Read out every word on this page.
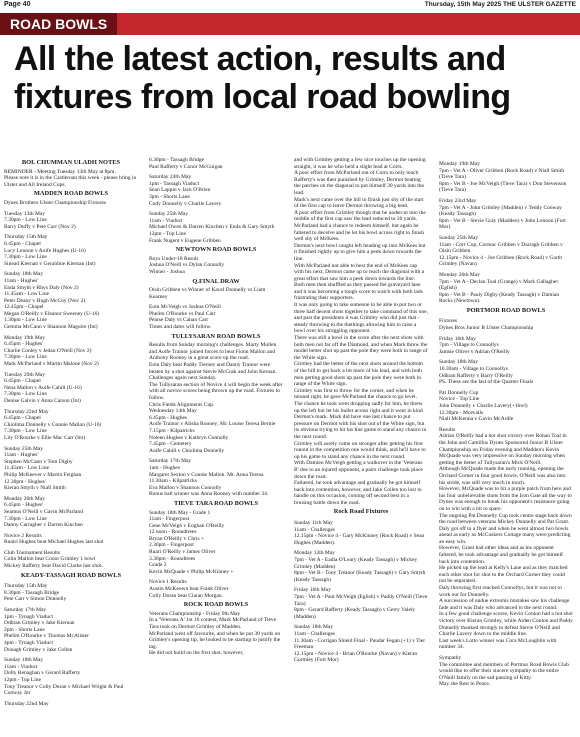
Page 40	Thursday, 15th May 2025 THE ULSTER GAZETTE
ROAD BOWLS
All the latest action, results and fixtures from local road bowling
BOL CHUMMAN ULADH NOTES

REMINDER - Meeting Tuesday 13th May at 8pm.

Please note it is in the Castleroan this week - please bring in Ulster and All Ireland Cups.

MADDEN ROAD BOWLS

Dynes Brothers Ulster Championship Fixtures

Tuesday 13th May

7.30pm - Low Line

Barry Duffy v Pete Carr (Nov 2)

Thursday 15th May

6.45pm - Chapel

Lucy Lennon v Aoife Hughes (U-16)

7.30pm - Low Line

Sinead Kiernan v Geraldine Kiernan (Int)

Sunday 18th May

11am - Hughes'

Enda Smyth v Rhys Daly (Nov 2)

11.45am - Low Line

Peter Deany v Hugh McCoy (Nov 2)

12.45pm - Chapel

Megan O'Reilly v Eleanor Sweeney (U-16)

1.30pm - Low Line

Gemma McCann v Shannon Maguire (Int)

Monday 19th May

6.45pm - Hughes'

Charlie Conley v Jedan O'Neill (Nov 2)

7.30pm - Low Line

Mark McParland v Martin Malone (Nov 2)

Tuesday 20th May

6.45pm - Chapel

Nena Mallon v Aoife Cahill (U-16)

7.30pm - Low Line

Denise Galvin v Anna Carson (Int)

Thursday 22nd May

6.45pm - Chapel

Chiolima Donnelly v Connie Mallon (U-16)

7.30pm - Low Line

Lily O'Rourke v Ellie Mac Carr (Int)

Sunday 25th May

11am - Hughes'

Stephen McCann v Tom Digby

11.45am - Low Line

Philip McKeever v Martin Feighan

12.30pm - Hughes'

Kieran Smyth v Niall Smith

Monday 26th May

6.45pm - Hughes'

Seamus O'Neill v Gavin McParland

7.30pm - Low Line

Danny Carragher v Darren Kinchen

Novice 2 Results

Ruairi Hughes beat Michael Hughes last shot

Club Tournament Results

Colin Mallon beat Conor Grimley 1 bowl

Mickey Rafferty beat David Clarke last shot.

KEADY-TASSAGH ROAD BOWLS

Thursday 15th May

8.30pm - Tassagh Bridge

Pete Carr v Simon Donnelly

Saturday 17th May

1pm - Tynagh Viaduct

Odhran Grimley v Jake Kiernan

2pm - Shorts Lane

Phelim O'Rourke v Thomas McAlister

4pm - Tynagh Viaduct

Donagh Grimley v Jake Collen

Sunday 18th May

11am - Viaduct

Dolly Renaghan v Gerard Rafferty

12pm - Top Line

Tony Treanor v Colly Doran v Michael Wright & Paul Conway Jnr

Thursday 22nd May

6.30pm - Tassagh Bridge

Paul Rafferty v Conor McGuigan

Saturday 24th May

1pm - Tassagh Viaduct

Sean Lappin v Jack O'Brien

3pm - Shorts Lane

Cody Donnelly v Charlie Lavery

Sunday 25th May

11am - Viaduct

Michael Owen & Darren Kinchen v Enda & Gary Smyth

12pm - Top Line

Frank Nugent v Eugene Gribben

NEWTOWN ROAD BOWLS

Boys Under-18 Result

Joshua O'Neill vs Dylan Connolly

Winner - Joshua

Q.FINAL DRAW

Oisin Gribben vs Winner of Kacel Donnelly vs Liam Kearney

Eoin McVeigh vs Joshua O'Neill

Phelim O'Rourke vs Paul Carr

Pearse Daly vs Cahan Carr

Times and dates will follow.

TULLYSARAN ROAD BOWLS

Results from Sunday morning's challenges. Marty Mullen and Aoife Trainor joined forces to beat Fionn Mallon and Anthony Rooney in a great score up the road.

Eoin Daly beat Paddy Tierney and Danny Trainor were beaten by a shot against Stevie McCusk and John Kernan.

Challenges again next Sunday.

The Tullysaran section of Novice 4 will begin the week after with all novice scores being thrown up the road. Fixtures to follow.

Chris Fields Alignments Cup

Wednesday 14th May

6.45pm - Hughes

Aoife Trainor v Alisha Rooney; Mc Louise Teresa Bernie

7.15pm - Kilpatricks

Noleen Hughes v Kathryn Connolly

7.45pm - Cemetery

Aoife Cahill v Chiolima Donnelly

Saturday 17th May

1am - Hughes

Margaret Sexton v Connie Mallon. Mt. Anna Teresa

11.30am - Kilpatricks

Eva Mallon v Shannon Connolly

Bonus ball winner was Anna Rooney with number 34.

TIEVE TARA ROAD BOWLS

Sunday 18th May - Grade 1

11am - Fingerpost

Gene McVeigh v Eoghan O'Reilly

12 noon - Roundtrees

Bryan O'Reilly v Chris +

2.30pm - Fingerpost

Ruari O'Reilly v James Oliver

3.30pm - Roundtrees

Grade 2

Kevin McQuade v Philip McKinney +

Novice 1 Results

Austin McKeown beat Frank Oliver

Colly Doran beat Ciaran Morgan.

ROCK ROAD BOWLS

Veterans Championship - Friday 9th May

In a 'Veterans A' 1st 16 contest, Mark McParland of Tieve Tara took on Dermot Grimley of Madden.

McParland went off favourite, and when he put 30 yards on Grimley's opening tip, he looked to be starting to justify the tag.

He did not build on the first shot, however,

and with Grimley getting a few nice touches up the opening straight, it was he who held a slight lead at Corrs.

A poor effort from McParland out of Corrs to only reach Rafferty's was then punished by Grimley, Dermot beating the patches on the diagonal to put himself 30 yards into the lead.

Mark's next came over the hill to finish just shy of the start of the first cap to leave Dermot throwing a big lead.

A poor effort from Grimley though that he undercut into the middle of the first cap saw the lead reduced to 20 yards.

McParland had a chance to redeem himself, but again he faltered to deceive and he let his bowl across right to finish well shy of McKees.

Dermot's next bowl caught left heading up into McKees but it finished rightly up to give him a peek down towards the line.

With McParland not able to best the end of McKees cap with his next, Dermot came up to reach the diagonal with a great effort that saw him a peek down towards the line.

Both men then shuffled as they passed the graveyard lane and it was becoming a tough score to watch with both lads frustrating their supporters.

It was only going to take someone to be able to put two or three half decent shots together to take command of this one, and past the presidents it was Grimley who did just that - steady throwing to the thethings allowing him to raise a bowl over his struggling opponent.

There was still a bowl in the score after the next shots with both men not far off the Diamond, and when Mark threw the model better shot up past the pole they were both in range of the White sign.

Grimley had the better of the next shots around the bottom of the hill to get back a bit more of his lead, and with both men getting good shots up past the pole they were both in range of the White sign.

Grimley was first to throw for the corner, and when he missed right, he gave McParland the chance to go level.

The chance he took went dropping sadly for him, he threw up the left but let his bullet across right and it went in kind Dermot's mark. Mark did have one last chance to put pressure on Dermot with his shot out of the White sign, but its obvious trying to hit his line game to stand any chance in the next round.

Grimley will surely come on stronger after getting his first runout in the competition one would think, and he'll have to up his game to stand any chance in the next round.

With Damien McVeigh getting a walkover in the 'Veterans B' due to an injured opponent, a pairs challenge took place down the road.

Fathered, he took advantage and gradually he got himself back into contention, however, and Jake Collen too lost to handle on this occasion, coming off second best in a bruising battle down the road.

Rock Road Fixtures

Sunday 11th May

11am - Challenges

12.15pm - Novice 4 - Gary McKinney (Rock Road) v Sean Hughes (Madden).

Monday 12th May

7pm - Vet A - Eadia O'Leary (Keady Tassagh) v Mickey Grimley (Madden)

8pm - Vet B - Tony Treanor (Keady Tassagh) v Gary Smyth (Keady Tassagh)

Friday 16th May

7pm - Vet A - Paul McVeigh (Eglish) v Paddy O'Neill (Tieve Tara)

8pm - Gerard Rafferty (Keady Tassagh) v Gerry Valely (Madden)

Sunday 18th May

11am - Challenges

11.30am - Corrigan Shield Final - Paudar Fegan (+1) v Tier Freeman

12.15pm - Novice 4 - Brian O'Rourke (Navan) v Kieran Gormley (Fort Mor)

Monday 19th May

7pm - Vet A - Oliver Gribben (Rock Road) v Niall Smith (Tieve Tara)

8pm - Vet B - Joe McVeigh (Tieve Tara) v Don Stevenson (Tieve Tara)

Friday 23rd May

7pm - Vet A - John Grimley (Madden) v Teddy Conway (Keady Tassagh)

8pm - Vet B - Stevie Gray (Madden) v John Lennon (Fort Mor)

Sunday 25th May

11am - Corr Cup, Cormac Gribben v Darragh Gribben v Oisin Gribben

12.15pm - Novice 4 - Joe Gribben (Rock Road) v Garth Grimley (Navan)

Monday 26th May

7pm - Vet A - Declan Toal (Grange) v Mark Gallagher (Eglish)

8pm - Vet B - Pauly Digby (Keady Tassagh) v Damian Rocks (Newtown).

PORTMOR ROAD BOWLS

Fixtures

Dynes Bros Junior B Ulster Championship

Friday 16th May

7pm - Village to Connollys

Jamsie Oliver v Adrian O'Reilly

Sunday 18th May

10.30am - Village to Connollys

Odhran Rafferty v Barry O'Reilly

PS. These are the last of the Quarter Finals

Pat Donnelly Cup

Novice - Top Line

John Donnelly v Charlie Lavery(+1bwl)

12.30pm - Mcevalls

Niall McKenna v Gavin McArdle

Results

Adrian O'Reilly had a hot shot victory over Ronan Toal in the John and Camillus Dynes Sponsored Junior B Ulster Championship on Friday evening and Madden's Kevin McQuade was very impressive on Sunday morning when getting the better of Tullysaran's Mick O'Neill.

Although McQuade made the early running, opening the Orchard Corner in four good bowls, O'Neill was also into his stride, was still very much in touch.

However, McQuade was to hit a purple patch from here and his four unbelievable shots from the Iron Gate all the way to Dynes was enough to break his opponent's resistance going on to win with a bit to spare.

The ongoing Pat Donnelly Cup took centre stage back down the road between veterans Mickey Donnelly and Pat Grant.

Daly got off to a flyer and when he went almost two bowls ahead as early as McCuskers Cottage many were predicting an easy win.

However, Grant had other ideas and as his opponent faltered, he took advantage and gradually he got himself back into contention.

He picked up the lead at Kelly's Lane and as they matched each other shot for shot to the Orchard Corner they could not be separated.

Daly throwing first reached Connollys, but it was not to work out for Donnelly.

A succession of undue extremis mistakes saw his challenge fade and it was Daly who advanced to the next round.

In a few good challenge scores, Kevin Conlon had a hot shot victory over Kieran Grimley, while Aiden Conlon and Paddy Donnelly thanked strongly to defeat Stevie O'Neill and Charlie Lavery down to the middle line.

Last week's Lotto winner was Cora McLoughlin with number 34.

Sympathy

The committee and members of Portmor Road Bowls Club would like to offer their sincere sympathy to the entire O'Neill family on the sad passing of Kitty.

May she Rest in Peace.
